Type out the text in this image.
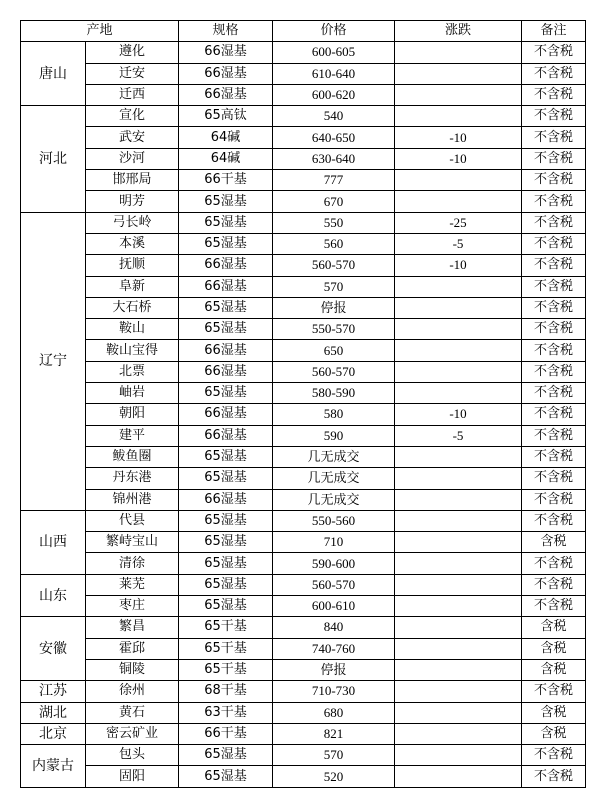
产地		规格	价格	涨跌	备注
唐山	遵化	66湿基	600-605		不含税
	迁安	66湿基	610-640		不含税
	迁西	66湿基	600-620		不含税
河北	宣化	65高钛	540		不含税
	武安	64碱	640-650	-10	不含税
	沙河	64碱	630-640	-10	不含税
	邯邢局	66干基	777		不含税
	明芳	65湿基	670		不含税
辽宁	弓长岭	65湿基	550	-25	不含税
	本溪	65湿基	560	-5	不含税
	抚顺	66湿基	560-570	-10	不含税
	阜新	66湿基	570		不含税
	大石桥	65湿基	停报		不含税
	鞍山	65湿基	550-570		不含税
	鞍山宝得	66湿基	650		不含税
	北票	66湿基	560-570		不含税
	岫岩	65湿基	580-590		不含税
	朝阳	66湿基	580	-10	不含税
	建平	66湿基	590	-5	不含税
	鲅鱼圈	65湿基	几无成交		不含税
	丹东港	65湿基	几无成交		不含税
	锦州港	66湿基	几无成交		不含税
山西	代县	65湿基	550-560		不含税
	繁峙宝山	65湿基	710		含税
	清徐	65湿基	590-600		不含税
山东	莱芜	65湿基	560-570		不含税
	枣庄	65湿基	600-610		不含税
安徽	繁昌	65干基	840		含税
	霍邱	65干基	740-760		含税
	铜陵	65干基	停报		含税
江苏	徐州	68干基	710-730		不含税
湖北	黄石	63干基	680		含税
北京	密云矿业	66干基	821		含税
内蒙古	包头	65湿基	570		不含税
	固阳	65湿基	520		不含税
